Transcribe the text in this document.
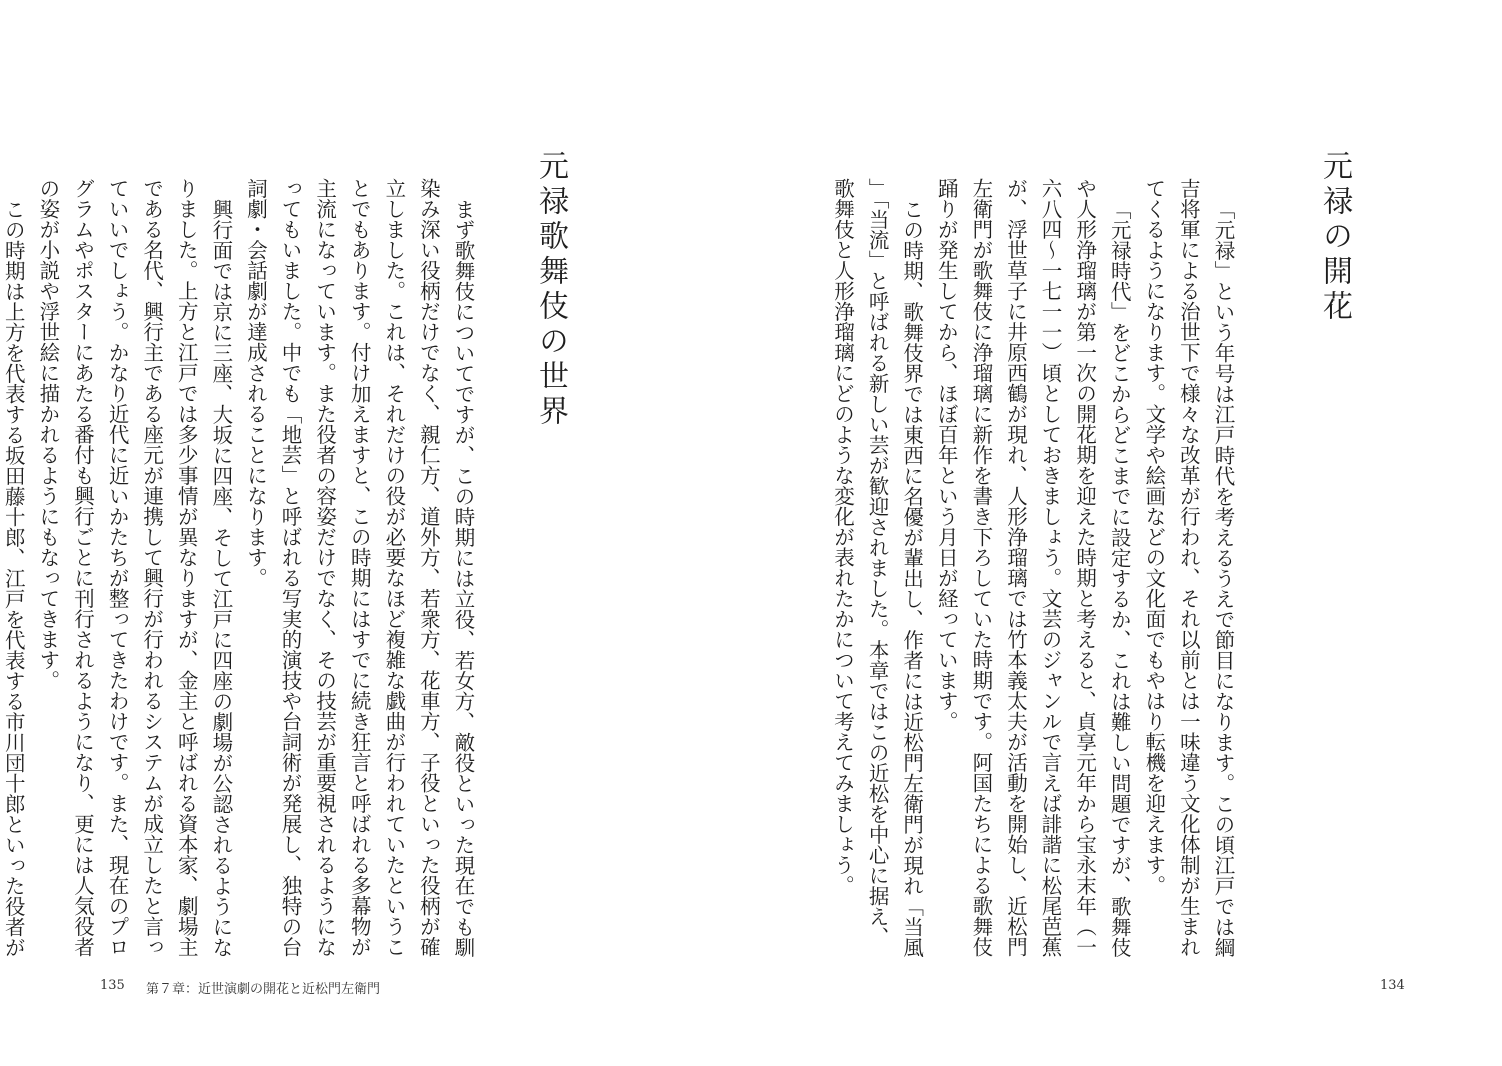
元禄の開花
「元禄」という年号は江戸時代を考えるうえで節目になります。この頃江戸では綱吉将軍による治世下で様々な改革が行われ、それ以前とは一味違う文化体制が生まれてくるようになります。文学や絵画などの文化面でもやはり転機を迎えます。
「元禄時代」をどこからどこまでに設定するか、これは難しい問題ですが、歌舞伎や人形浄瑠璃が第一次の開花期を迎えた時期と考えると、貞享元年から宝永末年（一六八四〜一七一一）頃としておきましょう。文芸のジャンルで言えば誹諧に松尾芭蕉が、浮世草子に井原西鶴が現れ、人形浄瑠璃では竹本義太夫が活動を開始し、近松門左衛門が歌舞伎に浄瑠璃に新作を書き下ろしていた時期です。阿国たちによる歌舞伎踊りが発生してから、ほぼ百年という月日が経っています。
この時期、歌舞伎界では東西に名優が輩出し、作者には近松門左衛門が現れ「当風」「当流」と呼ばれる新しい芸が歓迎されました。本章ではこの近松を中心に据え、歌舞伎と人形浄瑠璃にどのような変化が表れたかについて考えてみましょう。
134
元禄歌舞伎の世界
まず歌舞伎についてですが、この時期には立役、若女方、敵役といった現在でも馴染み深い役柄だけでなく、親仁方、道外方、若衆方、花車方、子役といった役柄が確立しました。これは、それだけの役が必要なほど複雑な戯曲が行われていたということでもあります。付け加えますと、この時期にはすでに続き狂言と呼ばれる多幕物が主流になっています。また役者の容姿だけでなく、その技芸が重要視されるようになってもいました。中でも「地芸」と呼ばれる写実的演技や台詞術が発展し、独特の台詞劇・会話劇が達成されることになります。
興行面では京に三座、大坂に四座、そして江戸に四座の劇場が公認されるようになりました。上方と江戸では多少事情が異なりますが、金主と呼ばれる資本家、劇場主である名代、興行主である座元が連携して興行が行われるシステムが成立したと言っていいでしょう。かなり近代に近いかたちが整ってきたわけです。また、現在のプログラムやポスターにあたる番付も興行ごとに刊行されるようになり、更には人気役者の姿が小説や浮世絵に描かれるようにもなってきます。
この時期は上方を代表する坂田藤十郎、江戸を代表する市川団十郎といった役者が
135 第７章：近世演劇の開花と近松門左衛門
